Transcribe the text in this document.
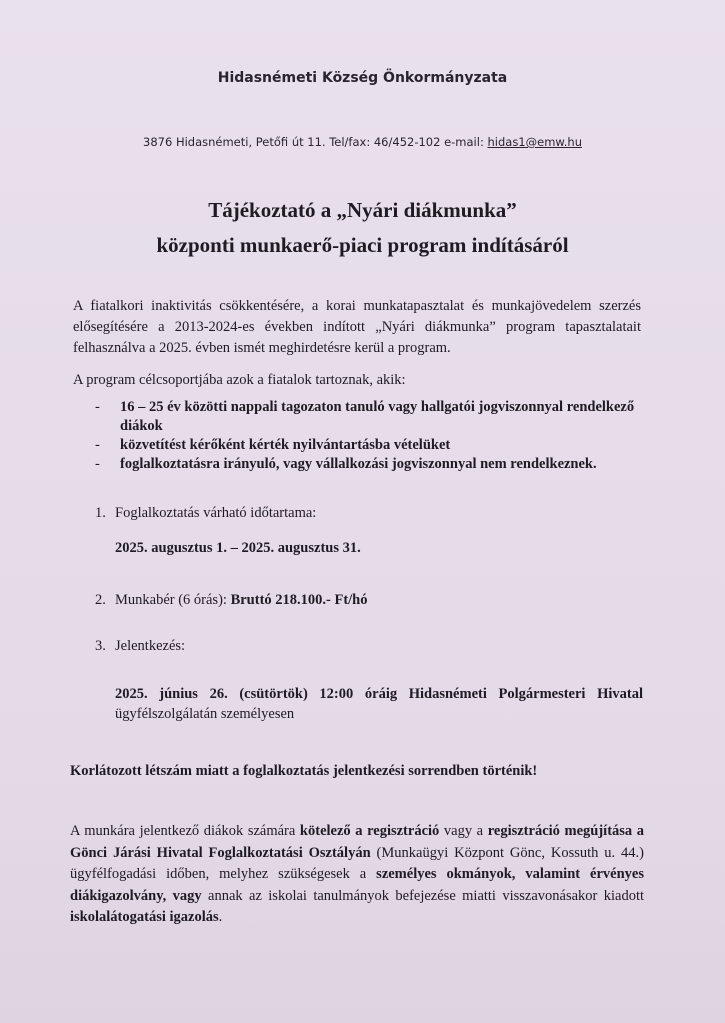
Hidasnémeti Község Önkormányzata
3876 Hidasnémeti, Petőfi út 11. Tel/fax: 46/452-102 e-mail: hidas1@emw.hu
Tájékoztató a „Nyári diákmunka”
központi munkaerő-piaci program indításáról
A fiatalkori inaktivitás csökkentésére, a korai munkatapasztalat és munkajövedelem szerzés elősegítésére a 2013-2024-es években indított „Nyári diákmunka” program tapasztalatait felhasználva a 2025. évben ismét meghirdetésre kerül a program.
A program célcsoportjába azok a fiatalok tartoznak, akik:
- 16 – 25 év közötti nappali tagozaton tanuló vagy hallgatói jogviszonnyal rendelkező diákok
- közvetítést kérőként kérték nyilvántartásba vételüket
- foglalkoztatásra irányuló, vagy vállalkozási jogviszonnyal nem rendelkeznek.
1. Foglalkoztatás várható időtartama:
2025. augusztus 1. – 2025. augusztus 31.
2. Munkabér (6 órás): Bruttó 218.100.- Ft/hó
3. Jelentkezés:
2025. június 26. (csütörtök) 12:00 óráig Hidasnémeti Polgármesteri Hivatal
ügyfélszolgálatán személyesen
Korlátozott létszám miatt a foglalkoztatás jelentkezési sorrendben történik!
A munkára jelentkező diákok számára kötelező a regisztráció vagy a regisztráció megújítása a Gönci Járási Hivatal Foglalkoztatási Osztályán (Munkaügyi Központ Gönc, Kossuth u. 44.) ügyfélfogadási időben, melyhez szükségesek a személyes okmányok, valamint érvényes diákigazolvány, vagy annak az iskolai tanulmányok befejezése miatti visszavonásakor kiadott iskolalátogatási igazolás.
